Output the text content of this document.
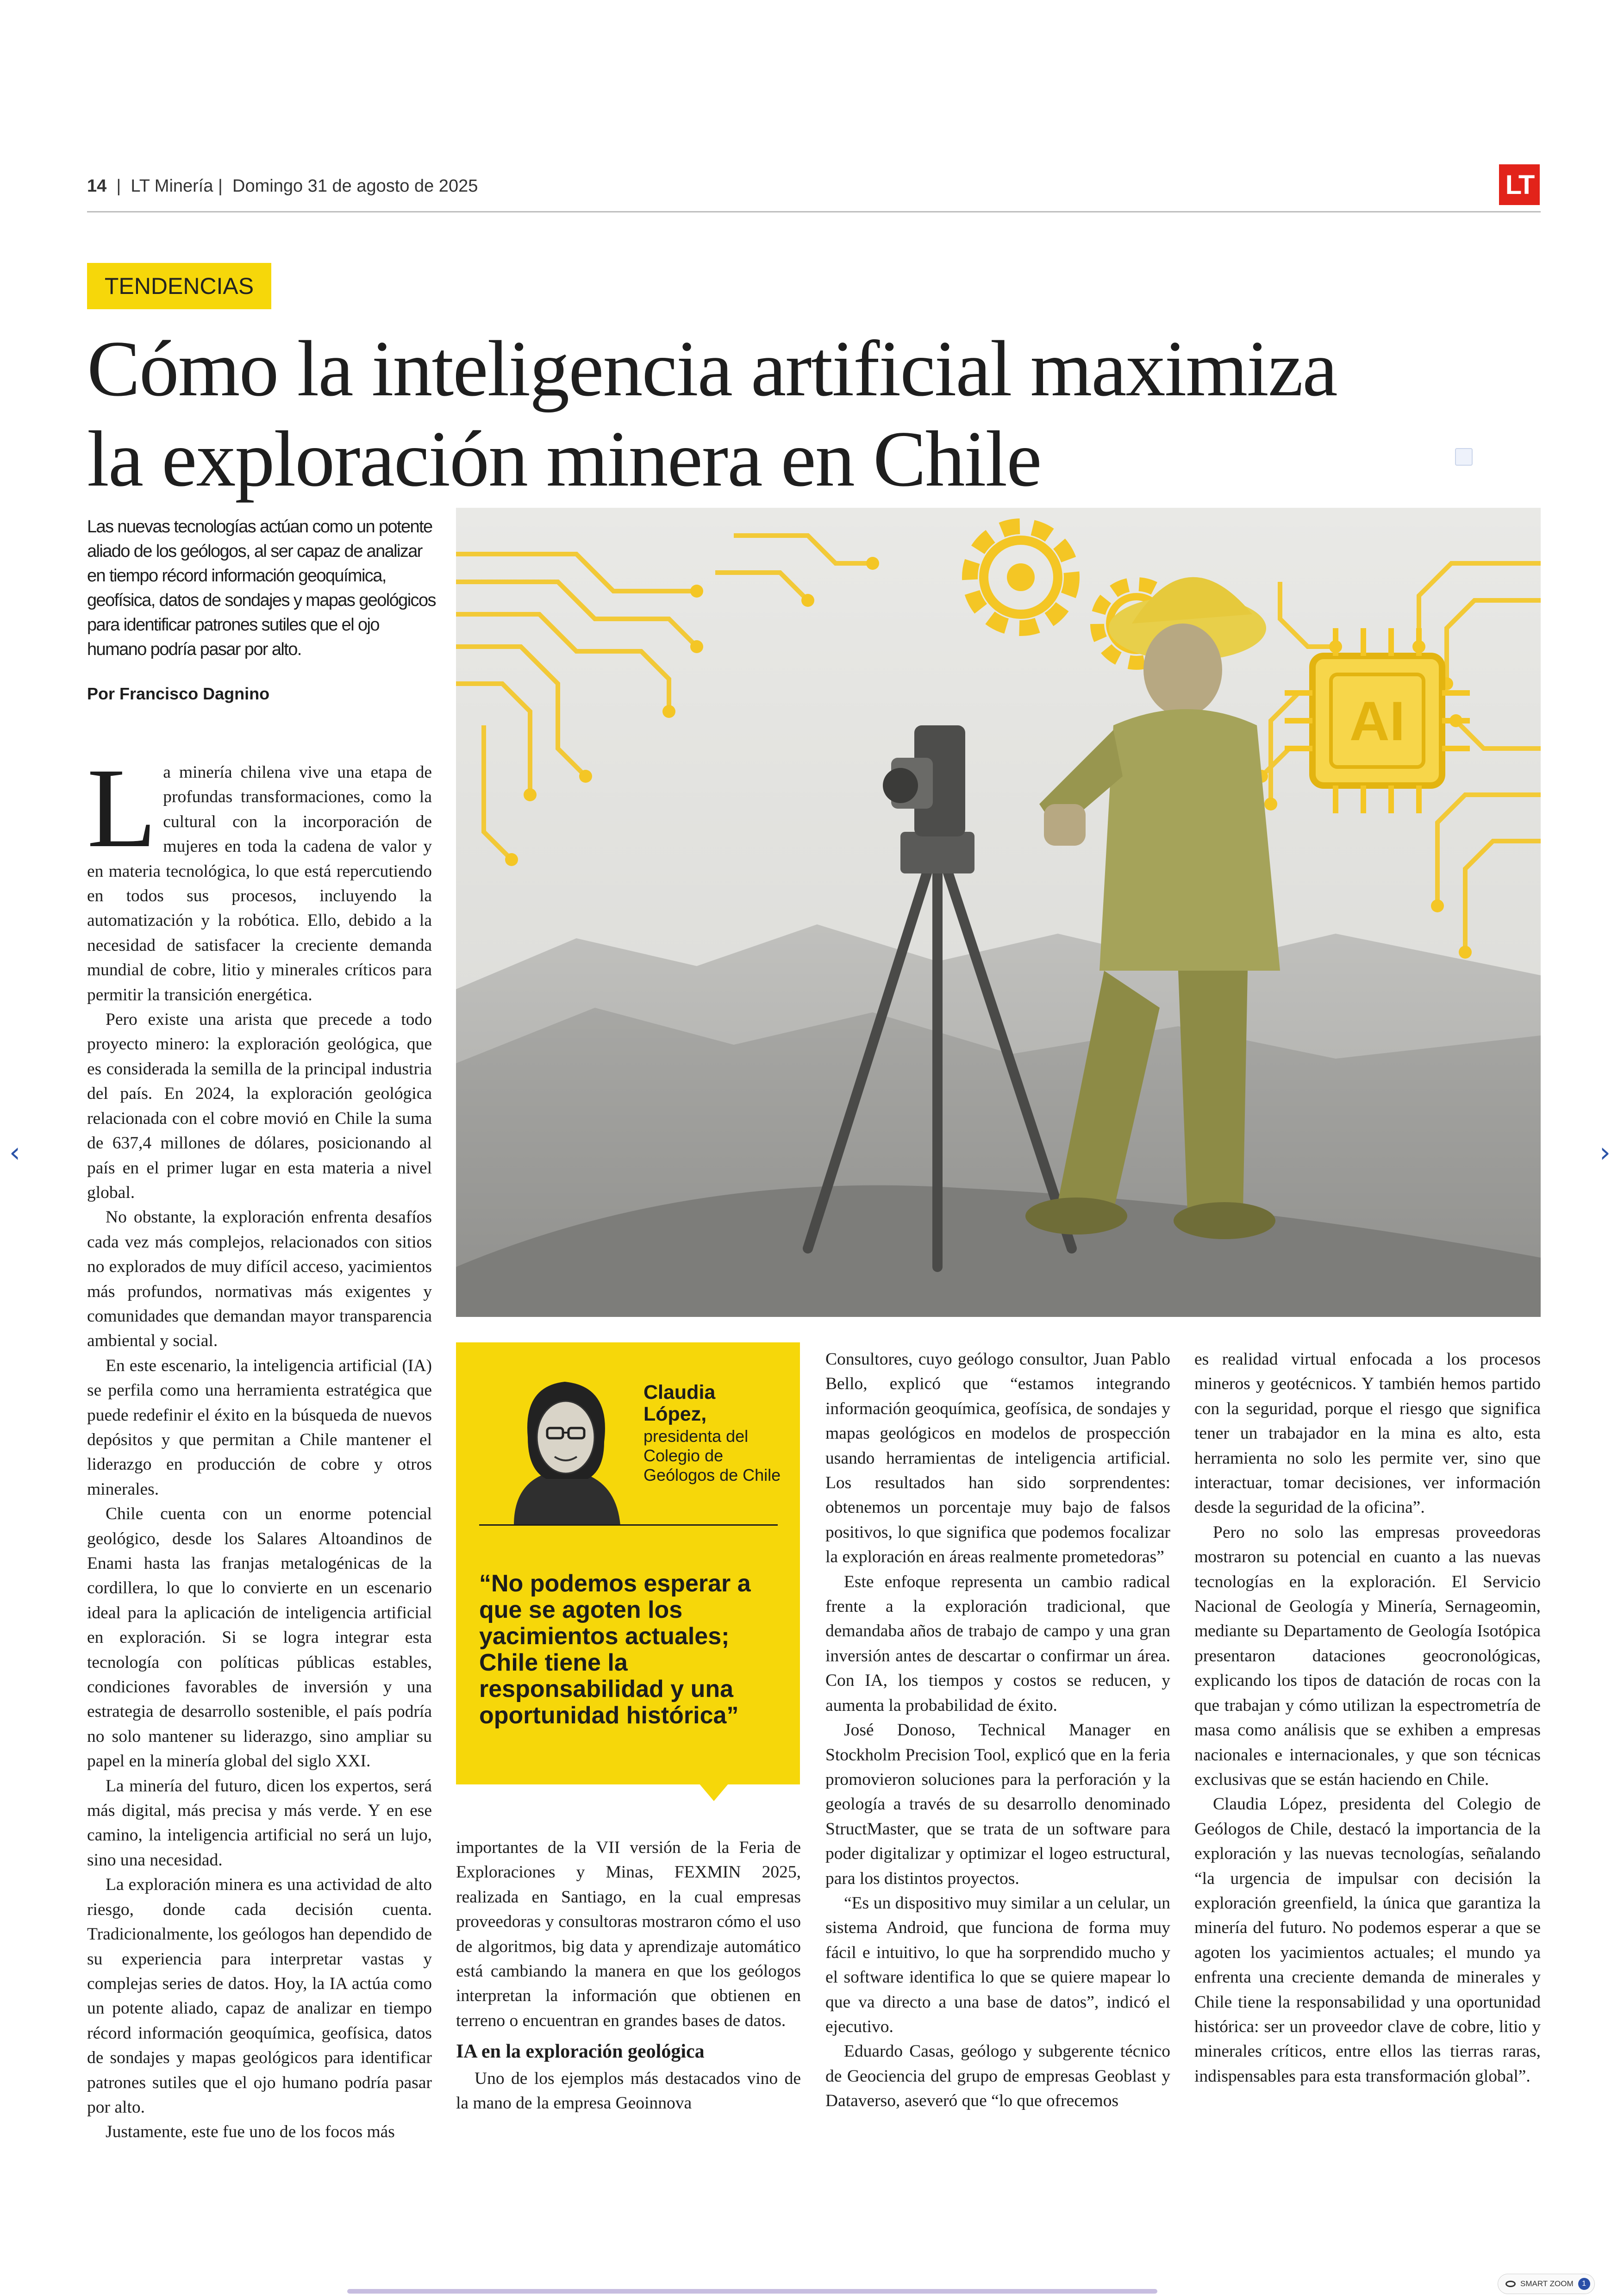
14  |  LT Minería |  Domingo 31 de agosto de 2025	LT
TENDENCIAS
Cómo la inteligencia artificial maximiza
la exploración minera en Chile
Las nuevas tecnologías actúan como un potente aliado de los geólogos, al ser capaz de analizar en tiempo récord información geoquímica, geofísica, datos de sondajes y mapas geológicos para identificar patrones sutiles que el ojo humano podría pasar por alto.
Por Francisco Dagnino	AI

La minería chilena vive una etapa de profundas transformaciones, como la cultural con la incorporación de mujeres en toda la cadena de valor y en materia tecnológica, lo que está repercutiendo en todos sus procesos, incluyendo la automatización y la robótica. Ello, debido a la necesidad de satisfacer la creciente demanda mundial de cobre, litio y minerales críticos para permitir la transición energética.

Pero existe una arista que precede a todo proyecto minero: la exploración geológica, que es considerada la semilla de la principal industria del país. En 2024, la exploración geológica relacionada con el cobre movió en Chile la suma de 637,4 millones de dólares, posicionando al país en el primer lugar en esta materia a nivel global.

No obstante, la exploración enfrenta desafíos cada vez más complejos, relacionados con sitios no explorados de muy difícil acceso, yacimientos más profundos, normativas más exigentes y comunidades que demandan mayor transparencia ambiental y social.

En este escenario, la inteligencia artificial (IA) se perfila como una herramienta estratégica que puede redefinir el éxito en la búsqueda de nuevos depósitos y que permitan a Chile mantener el liderazgo en producción de cobre y otros minerales.

Chile cuenta con un enorme potencial geológico, desde los Salares Altoandinos de Enami hasta las franjas metalogénicas de la cordillera, lo que lo convierte en un escenario ideal para la aplicación de inteligencia artificial en exploración. Si se logra integrar esta tecnología con políticas públicas estables, condiciones favorables de inversión y una estrategia de desarrollo sostenible, el país podría no solo mantener su liderazgo, sino ampliar su papel en la minería global del siglo XXI.

La minería del futuro, dicen los expertos, será más digital, más precisa y más verde. Y en ese camino, la inteligencia artificial no será un lujo, sino una necesidad.

La exploración minera es una actividad de alto riesgo, donde cada decisión cuenta. Tradicionalmente, los geólogos han dependido de su experiencia para interpretar vastas y complejas series de datos. Hoy, la IA actúa como un potente aliado, capaz de analizar en tiempo récord información geoquímica, geofísica, datos de sondajes y mapas geológicos para identificar patrones sutiles que el ojo humano podría pasar por alto.

Justamente, este fue uno de los focos más

Claudia
López,
presidenta del Colegio de Geólogos de Chile
“No podemos esperar a que se agoten los yacimientos actuales; Chile tiene la responsabilidad y una oportunidad histórica”

importantes de la VII versión de la Feria de Exploraciones y Minas, FEXMIN 2025, realizada en Santiago, en la cual empresas proveedoras y consultoras mostraron cómo el uso de algoritmos, big data y aprendizaje automático está cambiando la manera en que los geólogos interpretan la información que obtienen en terreno o encuentran en grandes bases de datos.

IA en la exploración geológica

Uno de los ejemplos más destacados vino de la mano de la empresa Geoinnova

Consultores, cuyo geólogo consultor, Juan Pablo Bello, explicó que “estamos integrando información geoquímica, geofísica, de sondajes y mapas geológicos en modelos de prospección usando herramientas de inteligencia artificial. Los resultados han sido sorprendentes: obtenemos un porcentaje muy bajo de falsos positivos, lo que significa que podemos focalizar la exploración en áreas realmente prometedoras”

Este enfoque representa un cambio radical frente a la exploración tradicional, que demandaba años de trabajo de campo y una gran inversión antes de descartar o confirmar un área. Con IA, los tiempos y costos se reducen, y aumenta la probabilidad de éxito.

José Donoso, Technical Manager en Stockholm Precision Tool, explicó que en la feria promovieron soluciones para la perforación y la geología a través de su desarrollo denominado StructMaster, que se trata de un software para poder digitalizar y optimizar el logeo estructural, para los distintos proyectos.

“Es un dispositivo muy similar a un celular, un sistema Android, que funciona de forma muy fácil e intuitivo, lo que ha sorprendido mucho y el software identifica lo que se quiere mapear lo que va directo a una base de datos”, indicó el ejecutivo.

Eduardo Casas, geólogo y subgerente técnico de Geociencia del grupo de empresas Geoblast y Dataverso, aseveró que “lo que ofrecemos

es realidad virtual enfocada a los procesos mineros y geotécnicos. Y también hemos partido con la seguridad, porque el riesgo que significa tener un trabajador en la mina es alto, esta herramienta no solo les permite ver, sino que interactuar, tomar decisiones, ver información desde la seguridad de la oficina”.

Pero no solo las empresas proveedoras mostraron su potencial en cuanto a las nuevas tecnologías en la exploración. El Servicio Nacional de Geología y Minería, Sernageomin, mediante su Departamento de Geología Isotópica presentaron dataciones geocronológicas, explicando los tipos de datación de rocas con la que trabajan y cómo utilizan la espectrometría de masa como análisis que se exhiben a empresas nacionales e internacionales, y que son técnicas exclusivas que se están haciendo en Chile.

Claudia López, presidenta del Colegio de Geólogos de Chile, destacó la importancia de la exploración y las nuevas tecnologías, señalando “la urgencia de impulsar con decisión la exploración greenfield, la única que garantiza la minería del futuro. No podemos esperar a que se agoten los yacimientos actuales; el mundo ya enfrenta una creciente demanda de minerales y Chile tiene la responsabilidad y una oportunidad histórica: ser un proveedor clave de cobre, litio y minerales críticos, entre ellos las tierras raras, indispensables para esta transformación global”.

‹	›
SMART ZOOM	1
